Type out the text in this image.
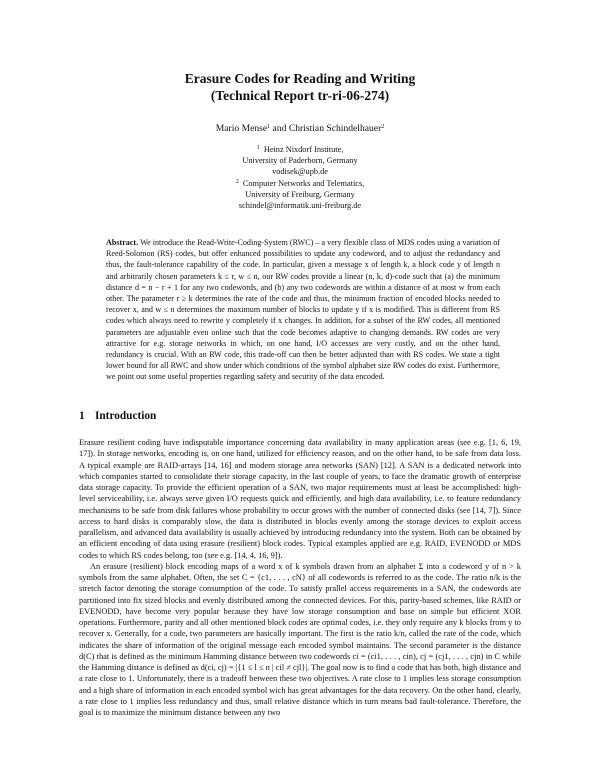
Erasure Codes for Reading and Writing
(Technical Report tr-ri-06-274)
Mario Mense$^1$ and Christian Schindelhauer$^2$
$^1$ Heinz Nixdorf Institute,
University of Paderborn, Germany
vodisek@upb.de
$^2$ Computer Networks and Telematics,
University of Freiburg, Germany
schindel@informatik.uni-freiburg.de
Abstract. We introduce the Read-Write-Coding-System (RWC) – a very flexible class of MDS codes using a variation of Reed-Solomon (RS) codes, but offer enhanced possibilities to update any codeword, and to adjust the redundancy and thus, the fault-tolerance capability of the code. In particular, given a message x of length k, a block code y of length n and arbitrarily chosen parameters k ≤ r, w ≤ n, our RW codes provide a linear (n, k, d)-code such that (a) the minimum distance d = n − r + 1 for any two codewords, and (b) any two codewords are within a distance of at most w from each other. The parameter r ≥ k determines the rate of the code and thus, the minimum fraction of encoded blocks needed to recover x, and w ≤ n determines the maximum number of blocks to update y if x is modified. This is different from RS codes which always need to rewrite y completely if x changes. In addition, for a subset of the RW codes, all mentioned parameters are adjustable even online such that the code becomes adaptive to changing demands. RW codes are very attractive for e.g. storage networks in which, on one hand, I/O accesses are very costly, and on the other hand, redundancy is crucial. With an RW code, this trade-off can then be better adjusted than with RS codes. We state a tight lower bound for all RWC and show under which conditions of the symbol alphabet size RW codes do exist. Furthermore, we point out some useful properties regarding safety and security of the data encoded.
1 Introduction

Erasure resilient coding have indisputable importance concerning data availability in many application areas (see e.g. [1, 6, 19, 17]). In storage networks, encoding is, on one hand, utilized for efficiency reason, and on the other hand, to be safe from data loss. A typical example are RAID-arrays [14, 16] and modern storage area networks (SAN) [12]. A SAN is a dedicated network into which companies started to consolidate their storage capacity, in the last couple of years, to face the dramatic growth of enterprise data storage capacity. To provide the efficient operation of a SAN, two major requirements must at least be accomplished: high-level serviceability, i.e. always serve given I/O requests quick and efficiently, and high data availability, i.e. to feature redundancy mechanisms to be safe from disk failures whose probability to occur grows with the number of connected disks (see [14, 7]). Since access to hard disks is comparably slow, the data is distributed in blocks evenly among the storage devices to exploit access parallelism, and advanced data availability is usually achieved by introducing redundancy into the system. Both can be obtained by an efficient encoding of data using erasure (resilient) block codes. Typical examples applied are e.g. RAID, EVENODD or MDS codes to which RS codes belong, too (see e.g. [14, 4, 16, 9]).

An erasure (resilient) block encoding maps of a word x of k symbols drawn from an alphabet Σ into a codeword y of n > k symbols from the same alphabet. Often, the set C = {c1, . . . , cN} of all codewords is referred to as the code. The ratio n/k is the stretch factor denoting the storage consumption of the code. To satisfy prallel access requirements in a SAN, the codewords are partitioned into fix sized blocks and evenly distributed among the connected devices. For this, parity-based schemes, like RAID or EVENODD, have become very popular because they have low storage consumption and base on simple but efficient XOR operations. Furthermore, parity and all other mentioned block codes are optimal codes, i.e. they only require any k blocks from y to recover x. Generally, for a code, two parameters are basically important. The first is the ratio k/n, called the rate of the code, which indicates the share of information of the original message each encoded symbol maintains. The second parameter is the distance d(C) that is defined as the minimum Hamming distance between two codewords ci = (ci1, . . . , cin), cj = (cj1, . . . , cjn) in C while the Hamming distance is defined as d(ci, cj) = |{1 ≤ l ≤ n | cil ≠ cjl}|. The goal now is to find a code that has both, high distance and a rate close to 1. Unfortunately, there is a tradeoff between these two objectives. A rate close to 1 implies less storage consumption and a high share of information in each encoded symbol wich has great advantages for the data recovery. On the other hand, clearly, a rate close to 1 implies less redundancy and thus, small relative distance which in turn means bad fault-tolerance. Therefore, the goal is to maximize the minimum distance between any two
